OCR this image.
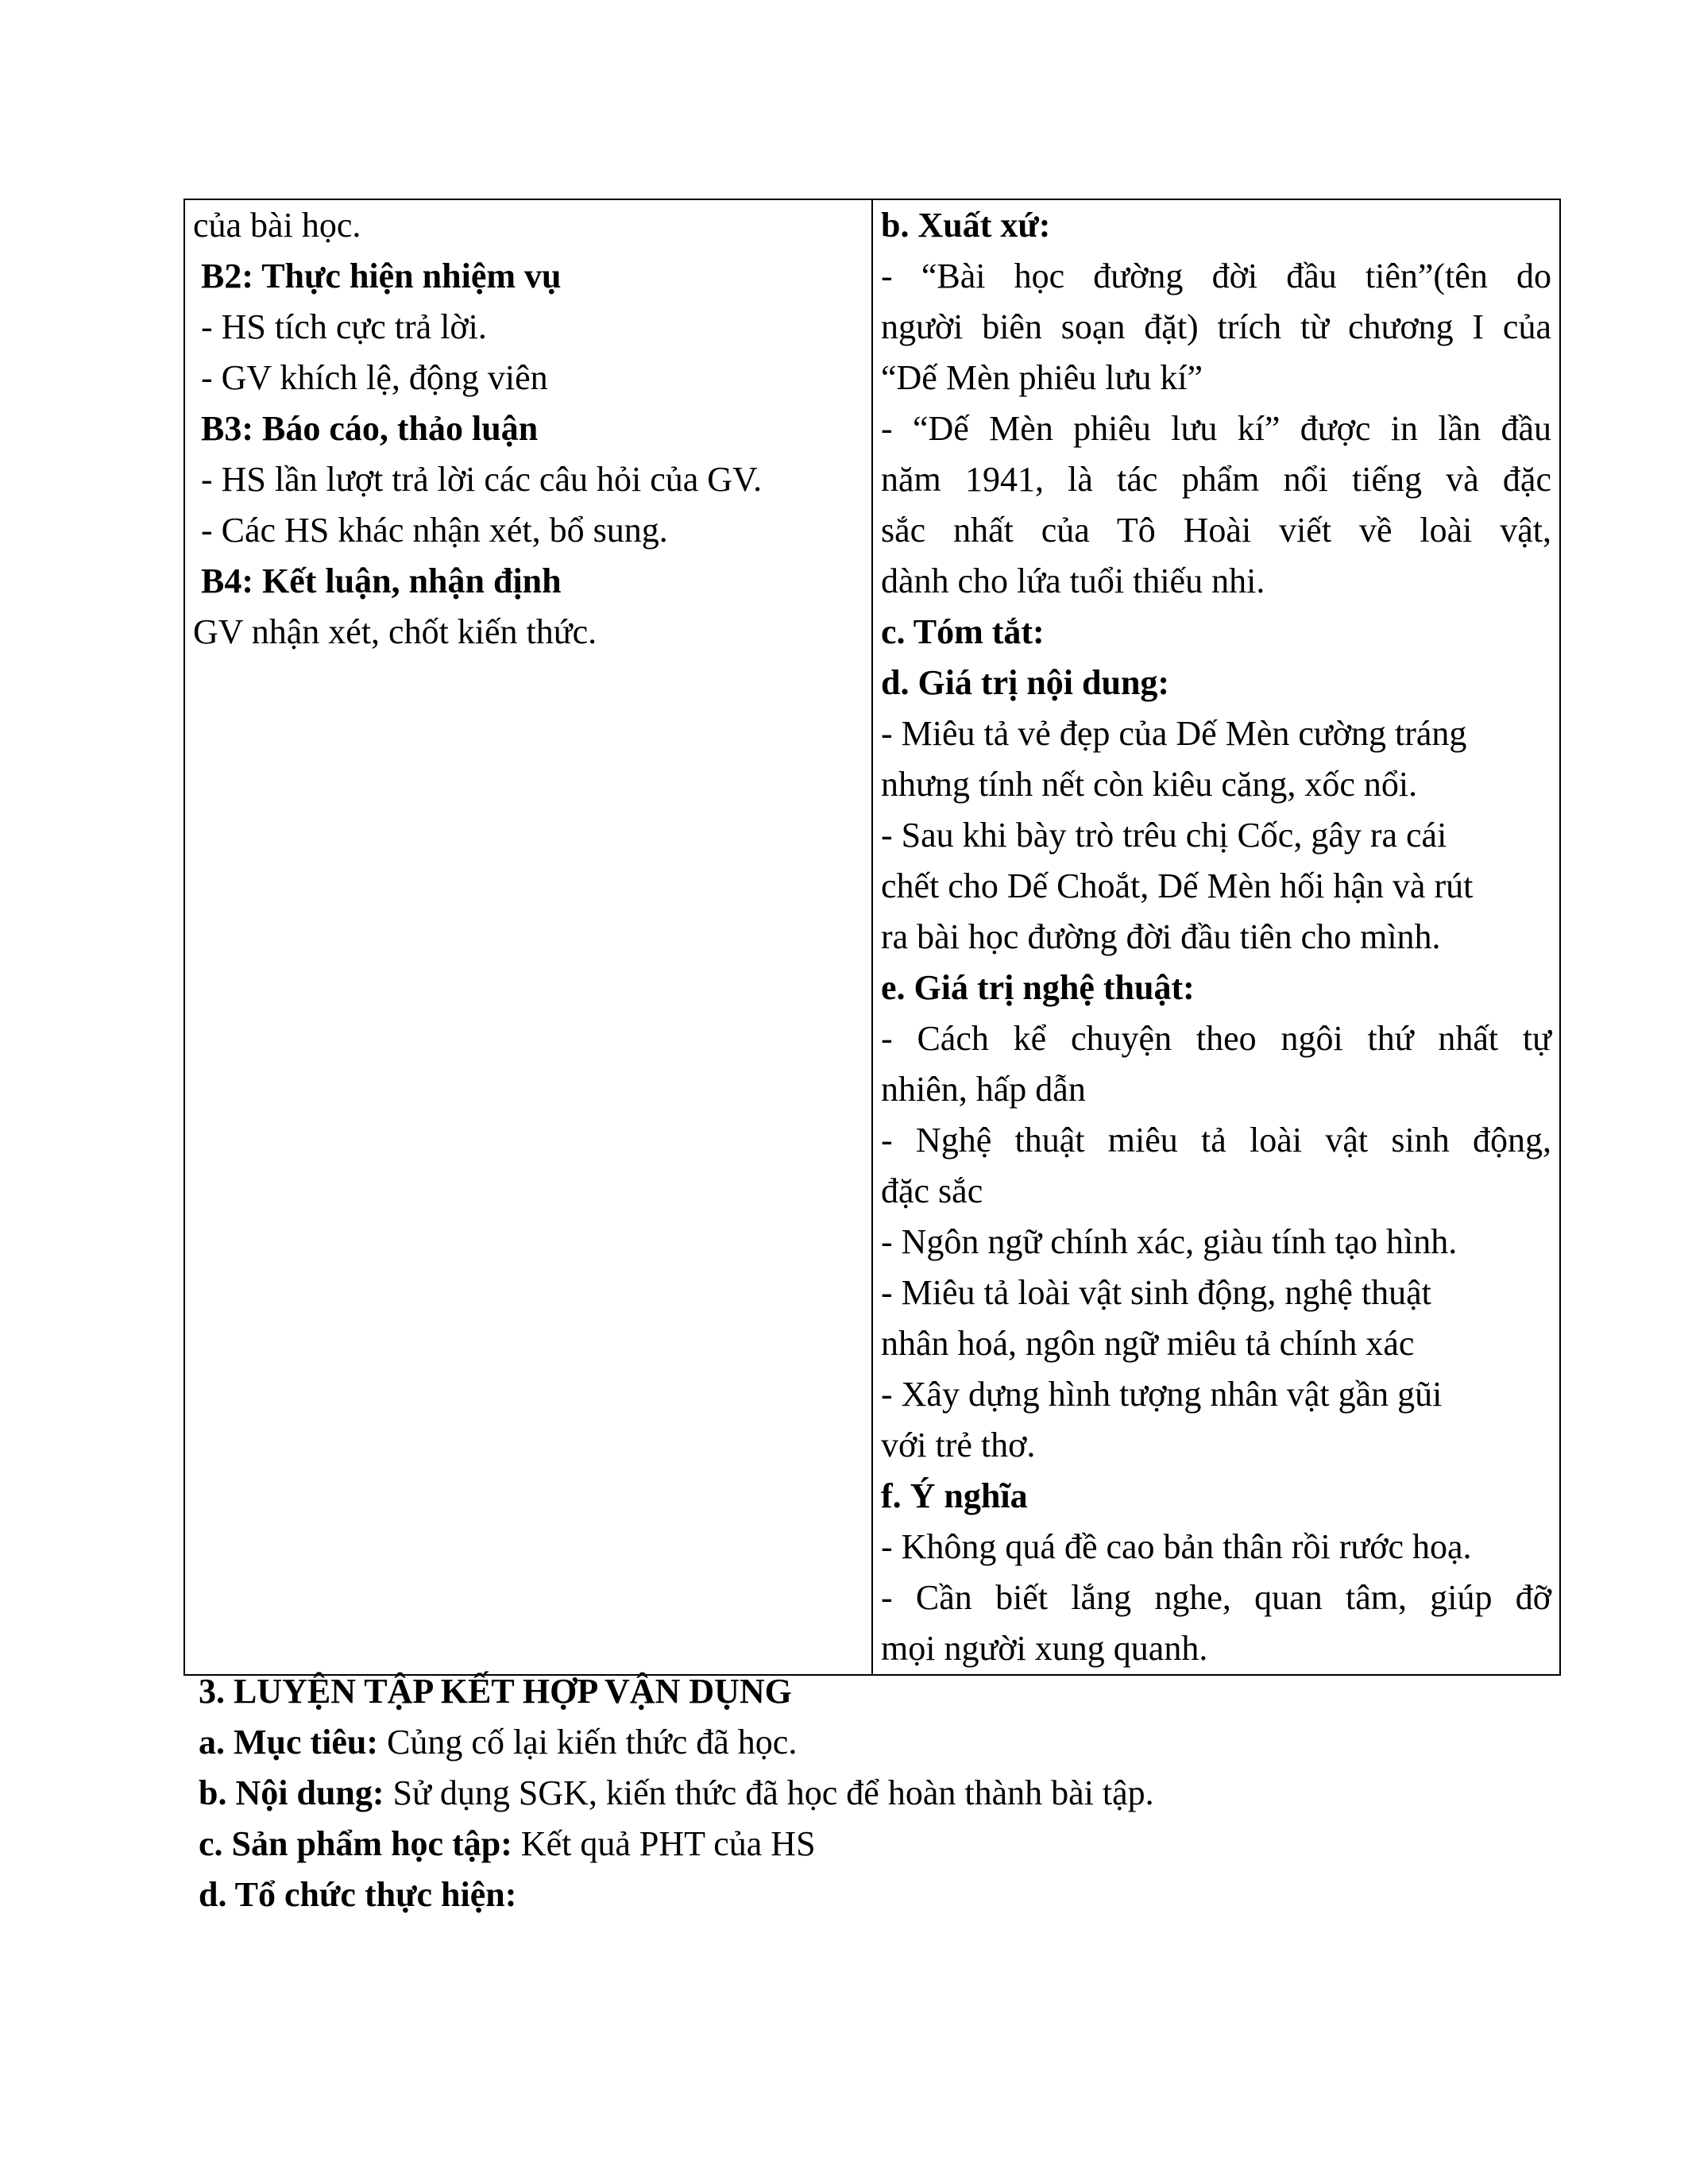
của bài học.
B2: Thực hiện nhiệm vụ
- HS tích cực trả lời.
- GV khích lệ, động viên
B3: Báo cáo, thảo luận
- HS lần lượt trả lời các câu hỏi của GV.
- Các HS khác nhận xét, bổ sung.
B4: Kết luận, nhận định
GV nhận xét, chốt kiến thức.

b. Xuất xứ:
- “Bài học đường đời đầu tiên”(tên do
người biên soạn đặt) trích từ chương I của
“Dế Mèn phiêu lưu kí”
- “Dế Mèn phiêu lưu kí” được in lần đầu
năm 1941, là tác phẩm nổi tiếng và đặc
sắc nhất của Tô Hoài viết về loài vật,
dành cho lứa tuổi thiếu nhi.
c. Tóm tắt:
d. Giá trị nội dung:
- Miêu tả vẻ đẹp của Dế Mèn cường tráng
nhưng tính nết còn kiêu căng, xốc nổi.
- Sau khi bày trò trêu chị Cốc, gây ra cái
chết cho Dế Choắt, Dế Mèn hối hận và rút
ra bài học đường đời đầu tiên cho mình.
e. Giá trị nghệ thuật:
- Cách kể chuyện theo ngôi thứ nhất tự
nhiên, hấp dẫn
- Nghệ thuật miêu tả loài vật sinh động,
đặc sắc
- Ngôn ngữ chính xác, giàu tính tạo hình.
- Miêu tả loài vật sinh động, nghệ thuật
nhân hoá, ngôn ngữ miêu tả chính xác
- Xây dựng hình tượng nhân vật gần gũi
với trẻ thơ.
f. Ý nghĩa
- Không quá đề cao bản thân rồi rước hoạ.
- Cần biết lắng nghe, quan tâm, giúp đỡ
mọi người xung quanh.
3. LUYỆN TẬP KẾT HỢP VẬN DỤNG
a. Mục tiêu: Củng cố lại kiến thức đã học.
b. Nội dung: Sử dụng SGK, kiến thức đã học để hoàn thành bài tập.
c. Sản phẩm học tập: Kết quả PHT của HS
d. Tổ chức thực hiện:
